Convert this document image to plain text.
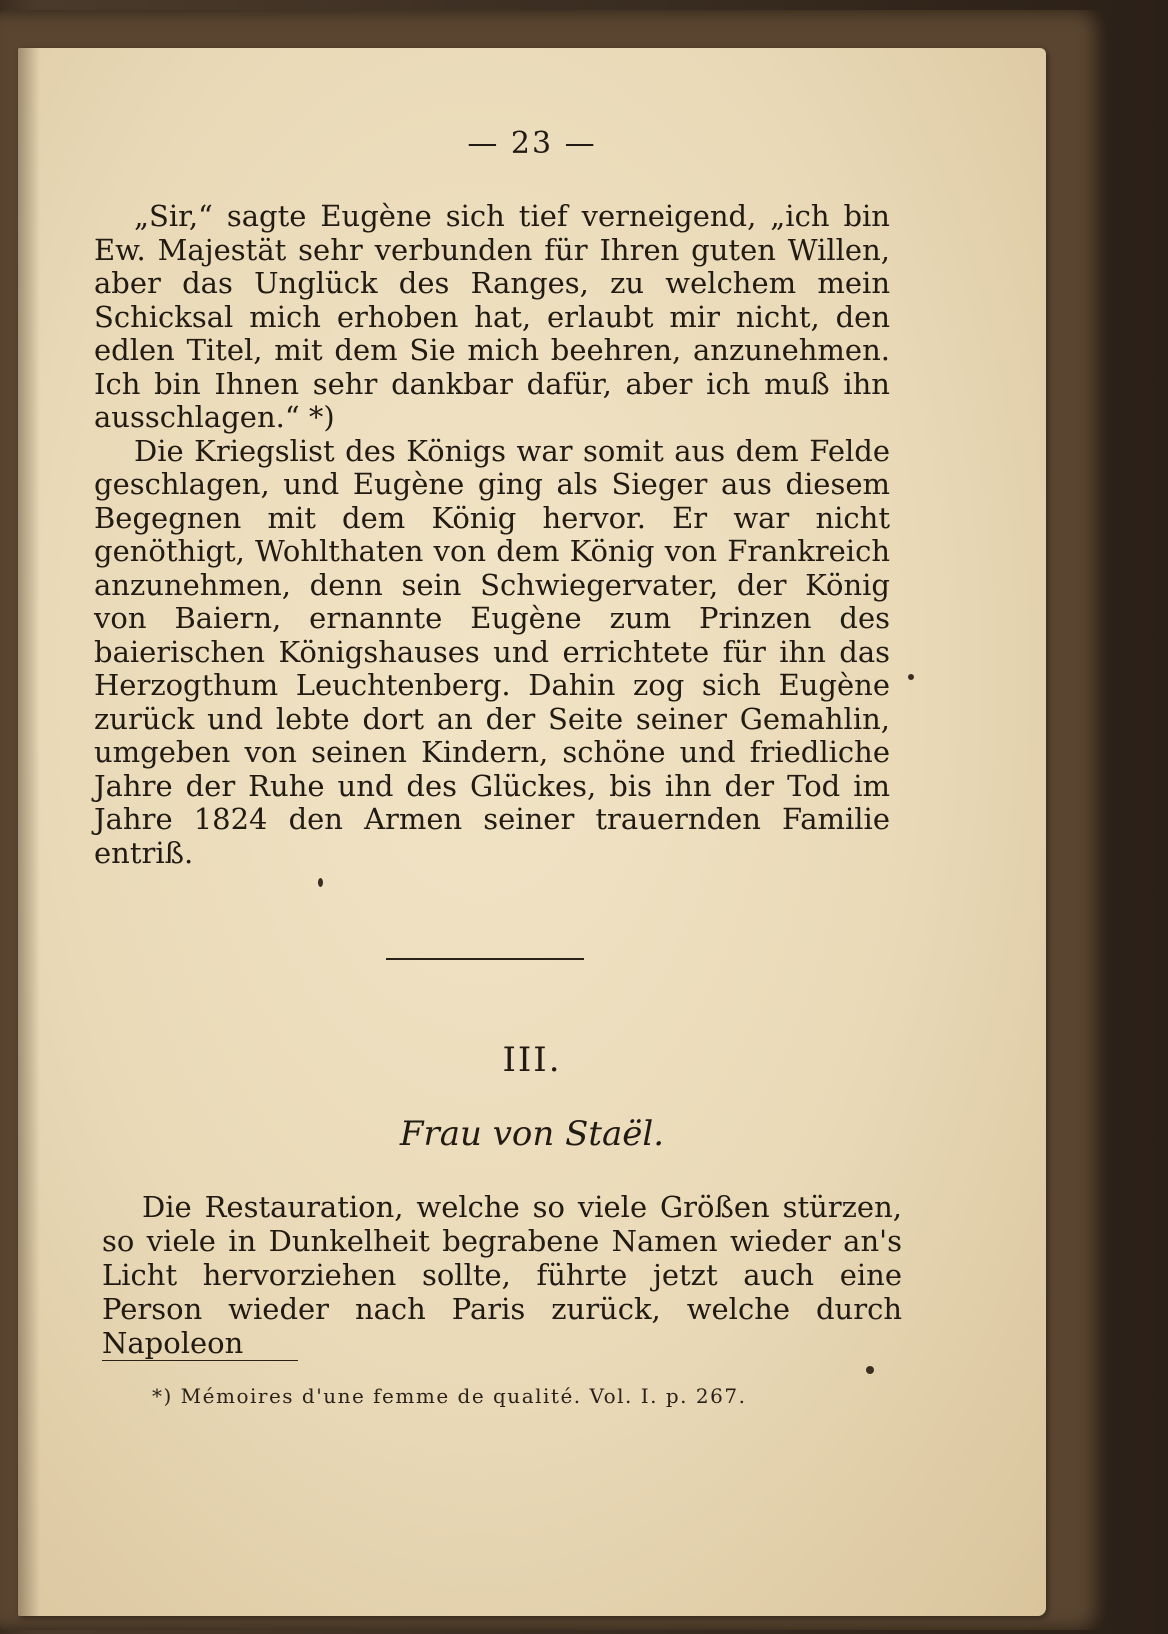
— 23 —

„Sir,“ sagte Eugène sich tief verneigend, „ich bin Ew. Majestät sehr verbunden für Ihren guten Willen, aber das Unglück des Ranges, zu welchem mein Schicksal mich erhoben hat, erlaubt mir nicht, den edlen Titel, mit dem Sie mich beehren, anzunehmen. Ich bin Ihnen sehr dankbar dafür, aber ich muß ihn ausschlagen.“ *)

Die Kriegslist des Königs war somit aus dem Felde geschlagen, und Eugène ging als Sieger aus diesem Begegnen mit dem König hervor. Er war nicht genöthigt, Wohlthaten von dem König von Frankreich anzunehmen, denn sein Schwiegervater, der König von Baiern, ernannte Eugène zum Prinzen des baierischen Königshauses und errichtete für ihn das Herzogthum Leuchtenberg. Dahin zog sich Eugène zurück und lebte dort an der Seite seiner Gemahlin, umgeben von seinen Kindern, schöne und friedliche Jahre der Ruhe und des Glückes, bis ihn der Tod im Jahre 1824 den Armen seiner trauernden Familie entriß.

III.
Frau von Staël.

Die Restauration, welche so viele Größen stürzen, so viele in Dunkelheit begrabene Namen wieder an's Licht hervorziehen sollte, führte jetzt auch eine Person wieder nach Paris zurück, welche durch Napoleon

*) Mémoires d'une femme de qualité. Vol. I. p. 267.
